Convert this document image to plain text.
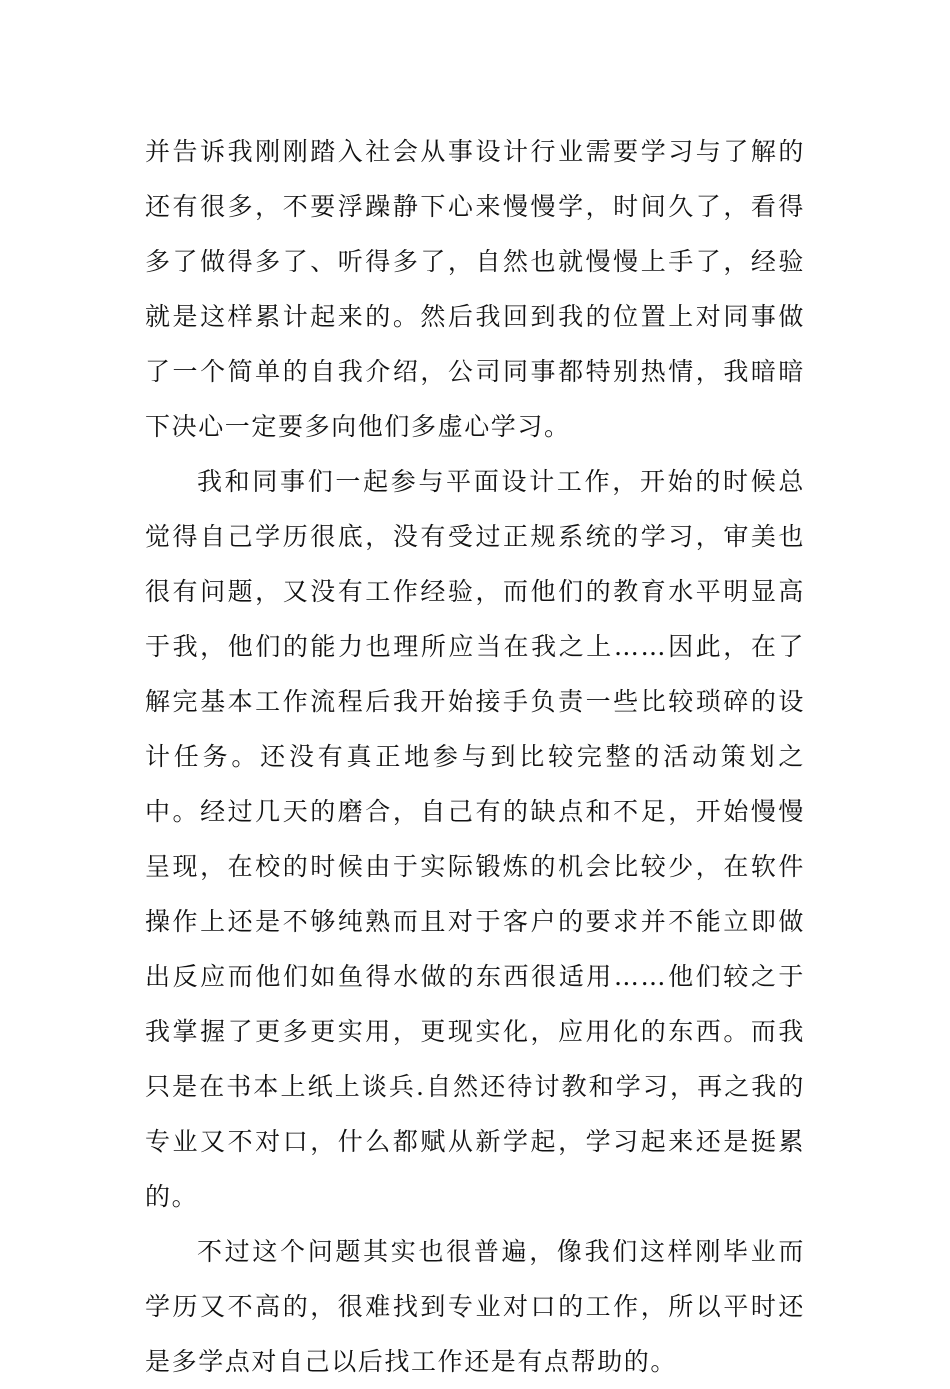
并告诉我刚刚踏入社会从事设计行业需要学习与了解的还有很多，不要浮躁静下心来慢慢学，时间久了，看得多了做得多了、听得多了，自然也就慢慢上手了，经验就是这样累计起来的。然后我回到我的位置上对同事做了一个简单的自我介绍，公司同事都特别热情，我暗暗下决心一定要多向他们多虚心学习。

我和同事们一起参与平面设计工作，开始的时候总觉得自己学历很底，没有受过正规系统的学习，审美也很有问题，又没有工作经验，而他们的教育水平明显高于我，他们的能力也理所应当在我之上……因此，在了解完基本工作流程后我开始接手负责一些比较琐碎的设计任务。还没有真正地参与到比较完整的活动策划之中。经过几天的磨合，自己有的缺点和不足，开始慢慢呈现，在校的时候由于实际锻炼的机会比较少，在软件操作上还是不够纯熟而且对于客户的要求并不能立即做出反应而他们如鱼得水做的东西很适用……他们较之于我掌握了更多更实用，更现实化，应用化的东西。而我只是在书本上纸上谈兵.自然还待讨教和学习，再之我的专业又不对口，什么都赋从新学起，学习起来还是挺累的。

不过这个问题其实也很普遍，像我们这样刚毕业而学历又不高的，很难找到专业对口的工作，所以平时还是多学点对自己以后找工作还是有点帮助的。
